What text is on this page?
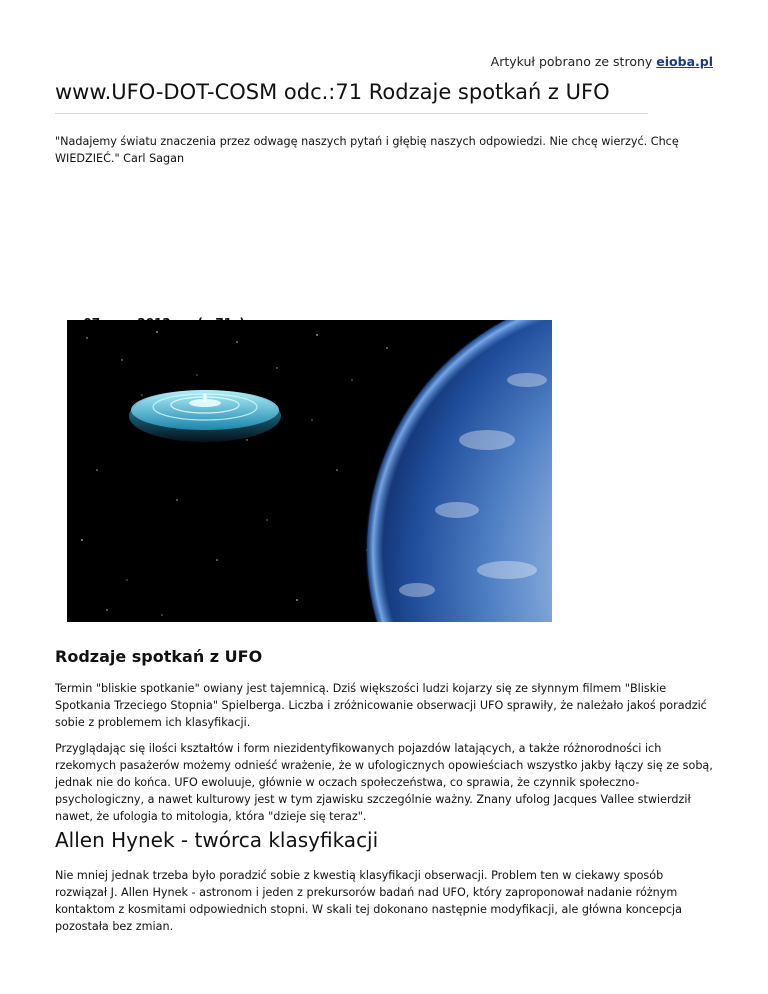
Artykuł pobrano ze strony eioba.pl
www.UFO-DOT-COSM odc.:71 Rodzaje spotkań z UFO

"Nadajemy światu znaczenia przez odwagę naszych pytań i głębię naszych odpowiedzi. Nie chcę wierzyć. Chcę WIEDZIEĆ." Carl Sagan

Rodzaje spotkań z UFO

Termin "bliskie spotkanie" owiany jest tajemnicą. Dziś większości ludzi kojarzy się ze słynnym filmem "Bliskie Spotkania Trzeciego Stopnia" Spielberga. Liczba i zróżnicowanie obserwacji UFO sprawiły, że należało jakoś poradzić sobie z problemem ich klasyfikacji.

Przyglądając się ilości kształtów i form niezidentyfikowanych pojazdów latających, a także różnorodności ich rzekomych pasażerów możemy odnieść wrażenie, że w ufologicznych opowieściach wszystko jakby łączy się ze sobą, jednak nie do końca. UFO ewoluuje, głównie w oczach społeczeństwa, co sprawia, że czynnik społeczno-psychologiczny, a nawet kulturowy jest w tym zjawisku szczególnie ważny. Znany ufolog Jacques Vallee stwierdził nawet, że ufologia to mitologia, która "dzieje się teraz".

Allen Hynek - twórca klasyfikacji

Nie mniej jednak trzeba było poradzić sobie z kwestią klasyfikacji obserwacji. Problem ten w ciekawy sposób rozwiązał J. Allen Hynek - astronom i jeden z prekursorów badań nad UFO, który zaproponował nadanie różnym kontaktom z kosmitami odpowiednich stopni. W skali tej dokonano następnie modyfikacji, ale główna koncepcja pozostała bez zmian.
